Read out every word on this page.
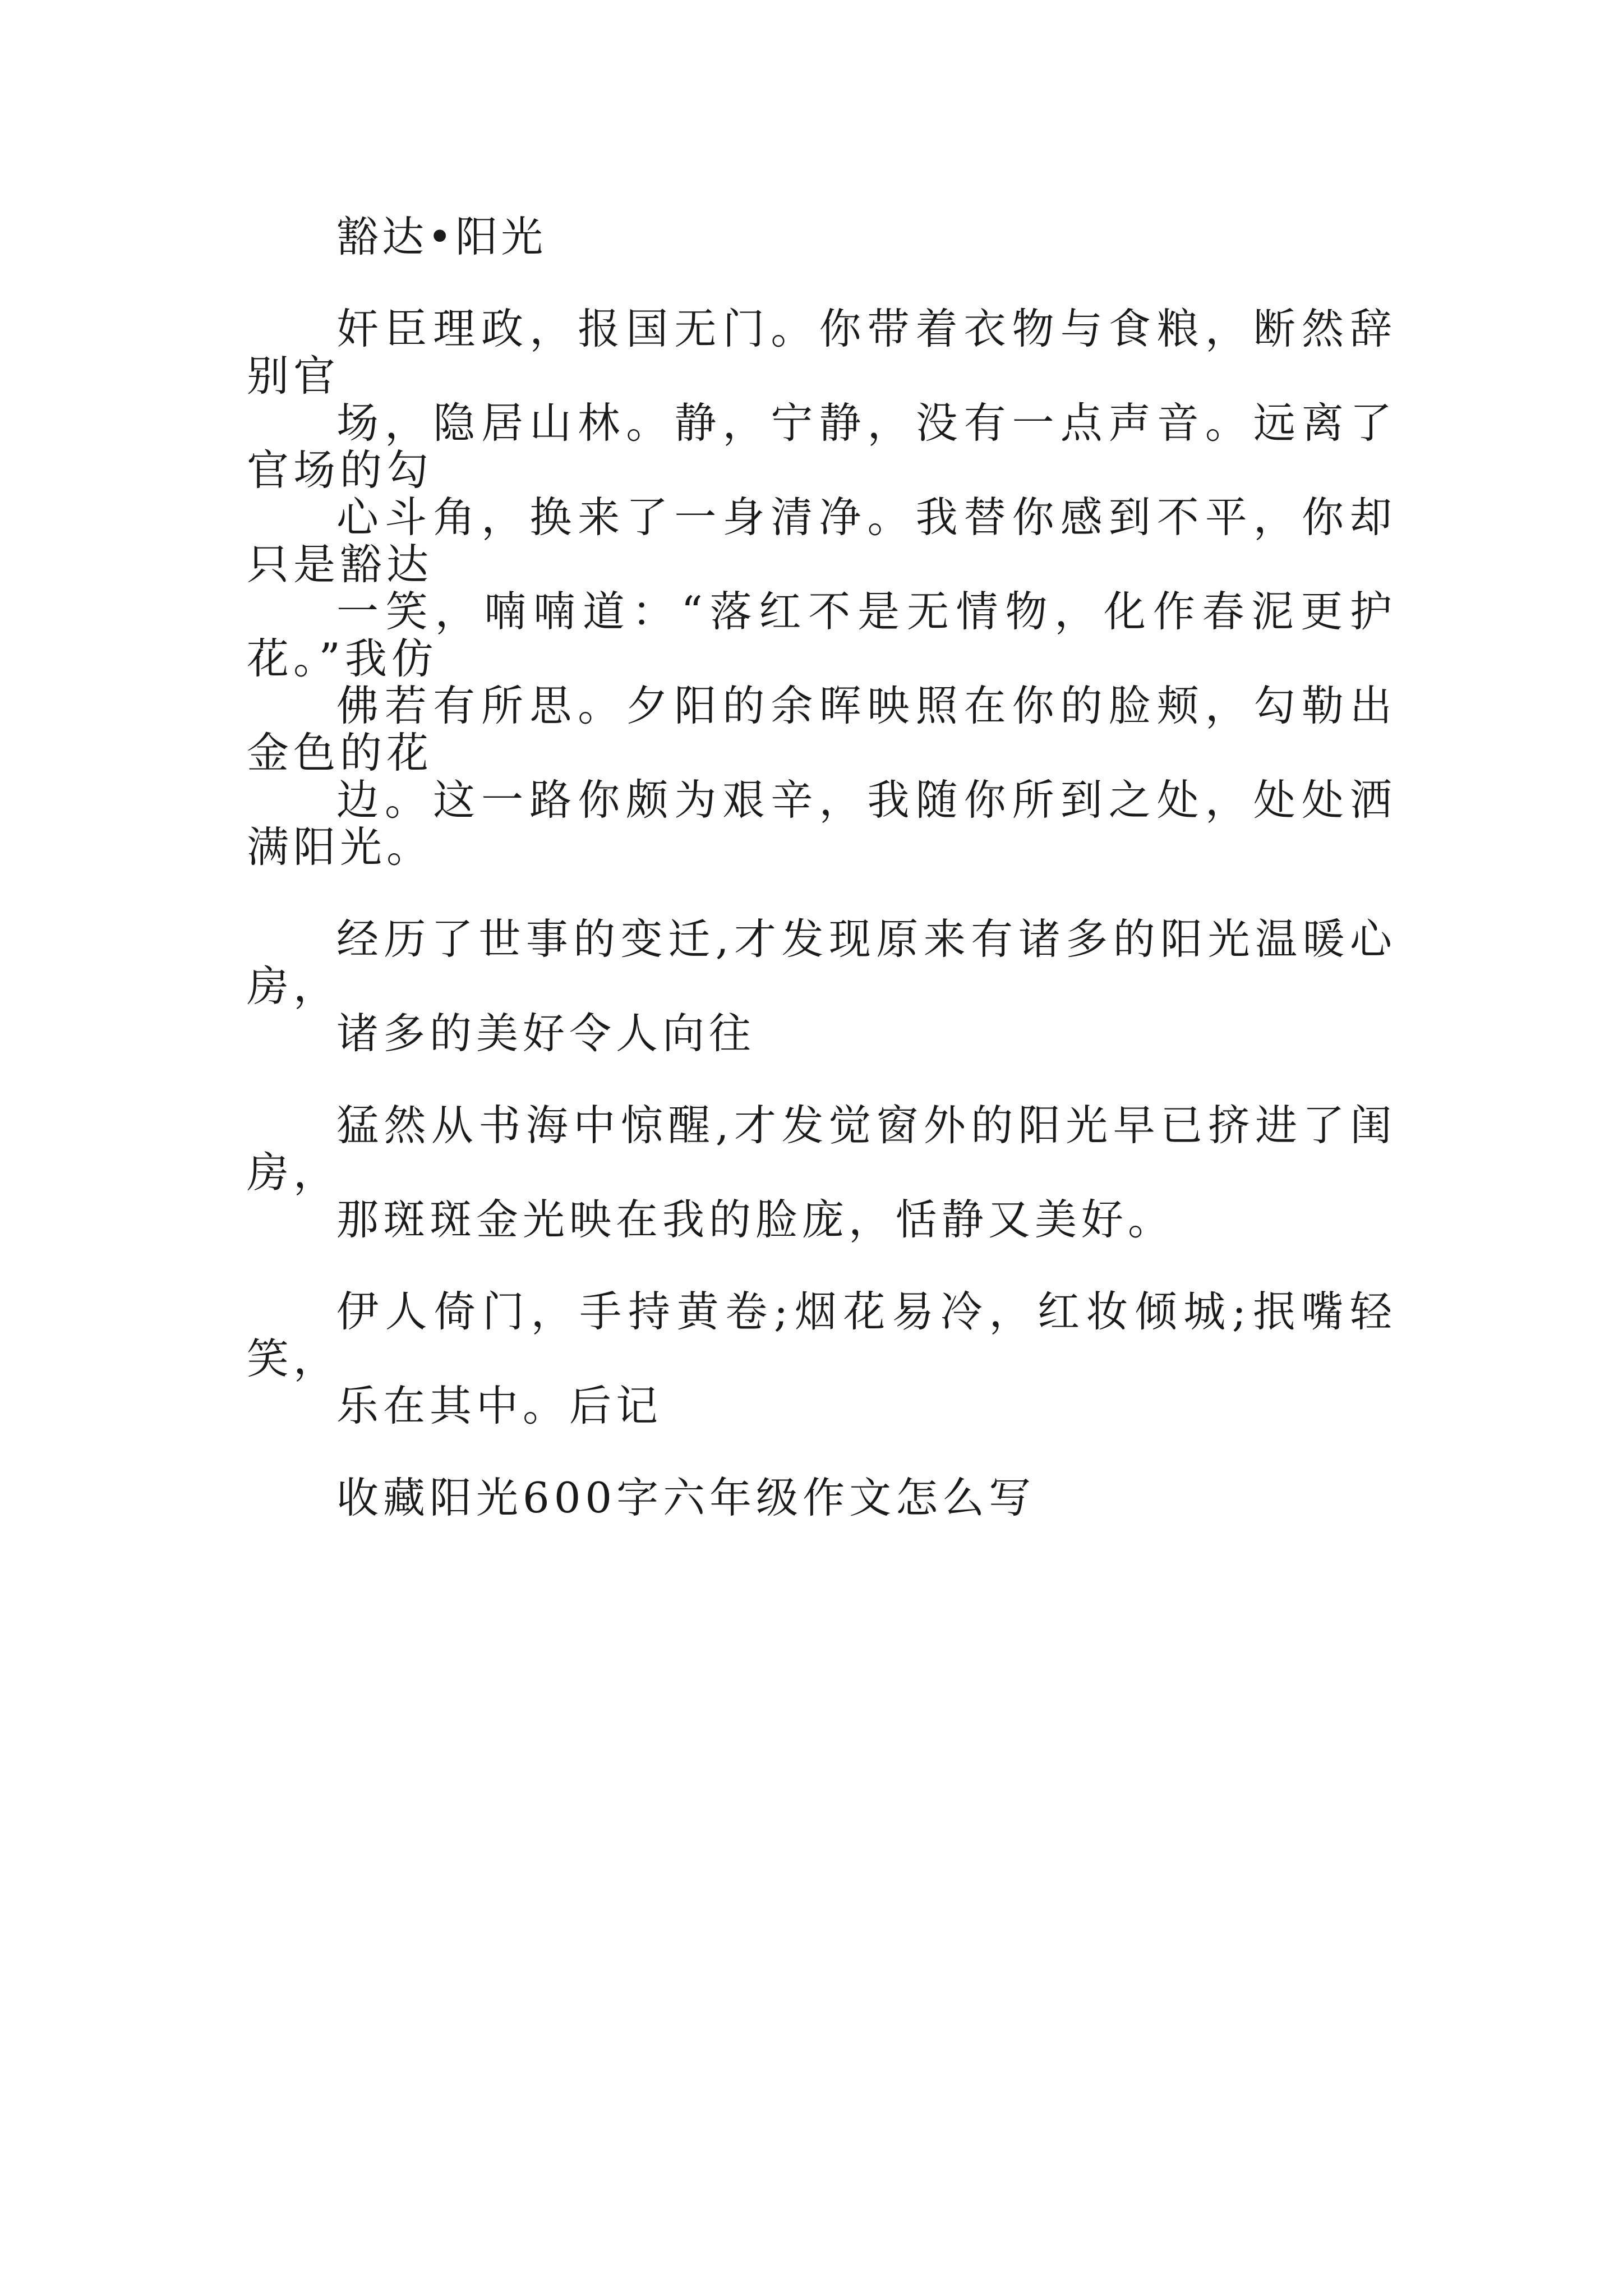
豁达•阳光

奸臣理政，报国无门。你带着衣物与食粮，断然辞别官
场，隐居山林。静，宁静，没有一点声音。远离了官场的勾
心斗角，换来了一身清净。我替你感到不平，你却只是豁达
一笑，喃喃道：“落红不是无情物，化作春泥更护花。”我仿
佛若有所思。夕阳的余晖映照在你的脸颊，勾勒出金色的花
边。这一路你颇为艰辛，我随你所到之处，处处洒满阳光。

经历了世事的变迁,才发现原来有诸多的阳光温暖心房，
诸多的美好令人向往

猛然从书海中惊醒,才发觉窗外的阳光早已挤进了闺房，
那斑斑金光映在我的脸庞，恬静又美好。

伊人倚门，手持黄卷;烟花易冷，红妆倾城;抿嘴轻笑，
乐在其中。后记

收藏阳光600字六年级作文怎么写
